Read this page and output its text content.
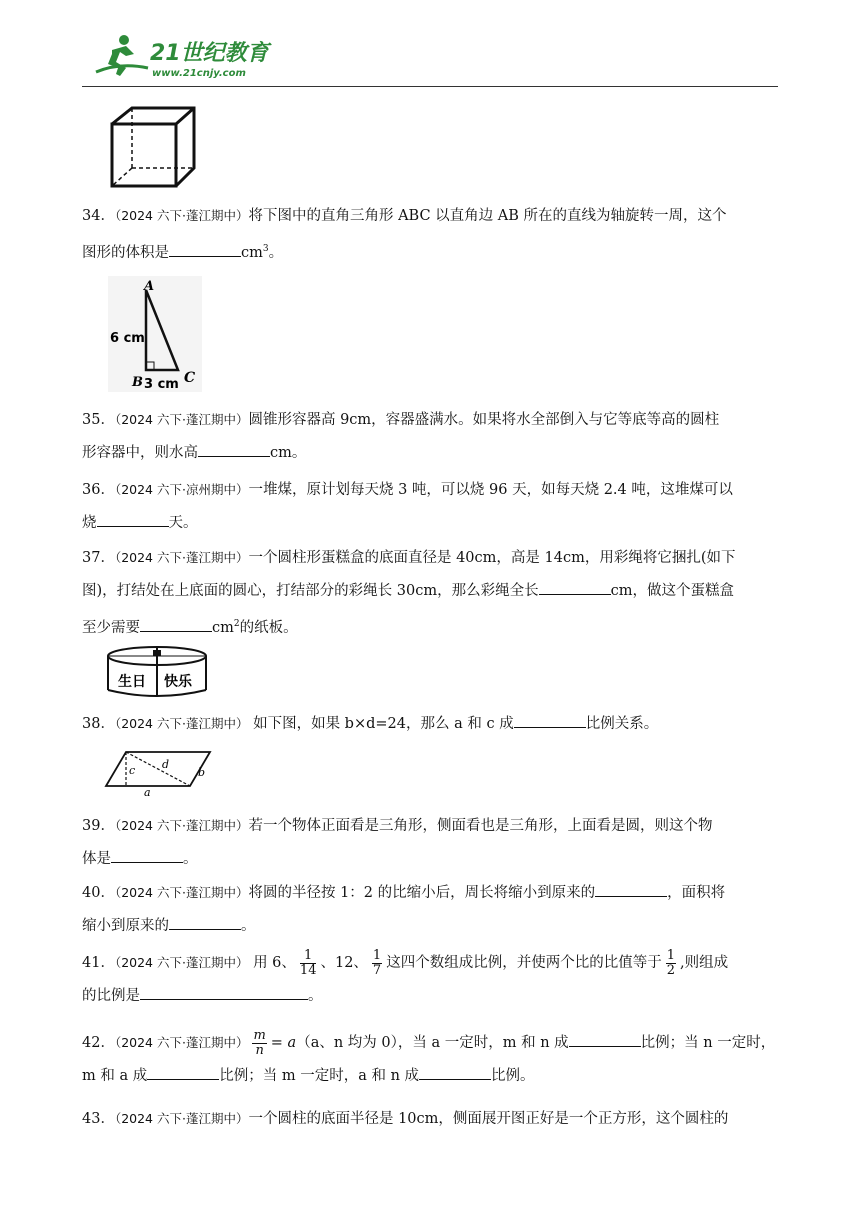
21世纪教育
www.21cnjy.com
34．（2024 六下·蓬江期中）将下图中的直角三角形 ABC 以直角边 AB 所在的直线为轴旋转一周，这个
图形的体积是	$cm^3$。
A
6 cm
B 3 cm C
35．（2024 六下·蓬江期中）圆锥形容器高 9cm，容器盛满水。如果将水全部倒入与它等底等高的圆柱
形容器中，则水高	cm。
36．（2024 六下·凉州期中）一堆煤，原计划每天烧 3 吨，可以烧 96 天，如每天烧 2.4 吨，这堆煤可以
烧	天。
37．（2024 六下·蓬江期中）一个圆柱形蛋糕盒的底面直径是 40cm，高是 14cm，用彩绳将它捆扎(如下
图)，打结处在上底面的圆心，打结部分的彩绳长 30cm，那么彩绳全长	cm，做这个蛋糕盒
至少需要	$cm^2$的纸板。
生日 快乐
38．（2024 六下·蓬江期中） 如下图，如果 b×d=24，那么 a 和 c 成	比例关系。
c d
b
a
39．（2024 六下·蓬江期中）若一个物体正面看是三角形，侧面看也是三角形，上面看是圆，则这个物
体是	。
40．（2024 六下·蓬江期中）将圆的半径按 1：2 的比缩小后，周长将缩小到原来的	，面积将
缩小到原来的	。
41．（2024 六下·蓬江期中） 用 6、 $\frac{1}{14}$ 、12、 $\frac{1}{7}$ 这四个数组成比例，并使两个比的比值等于 $\frac{1}{2}$ ,则组成
的比例是	。
42．（2024 六下·蓬江期中） $\frac{m}{n} = a(a$、n 均为 0），当 a 一定时，m 和 n 成	比例；当 n 一定时，
m 和 a 成	比例；当 m 一定时，a 和 n 成	比例。
43．（2024 六下·蓬江期中）一个圆柱的底面半径是 10cm，侧面展开图正好是一个正方形，这个圆柱的
